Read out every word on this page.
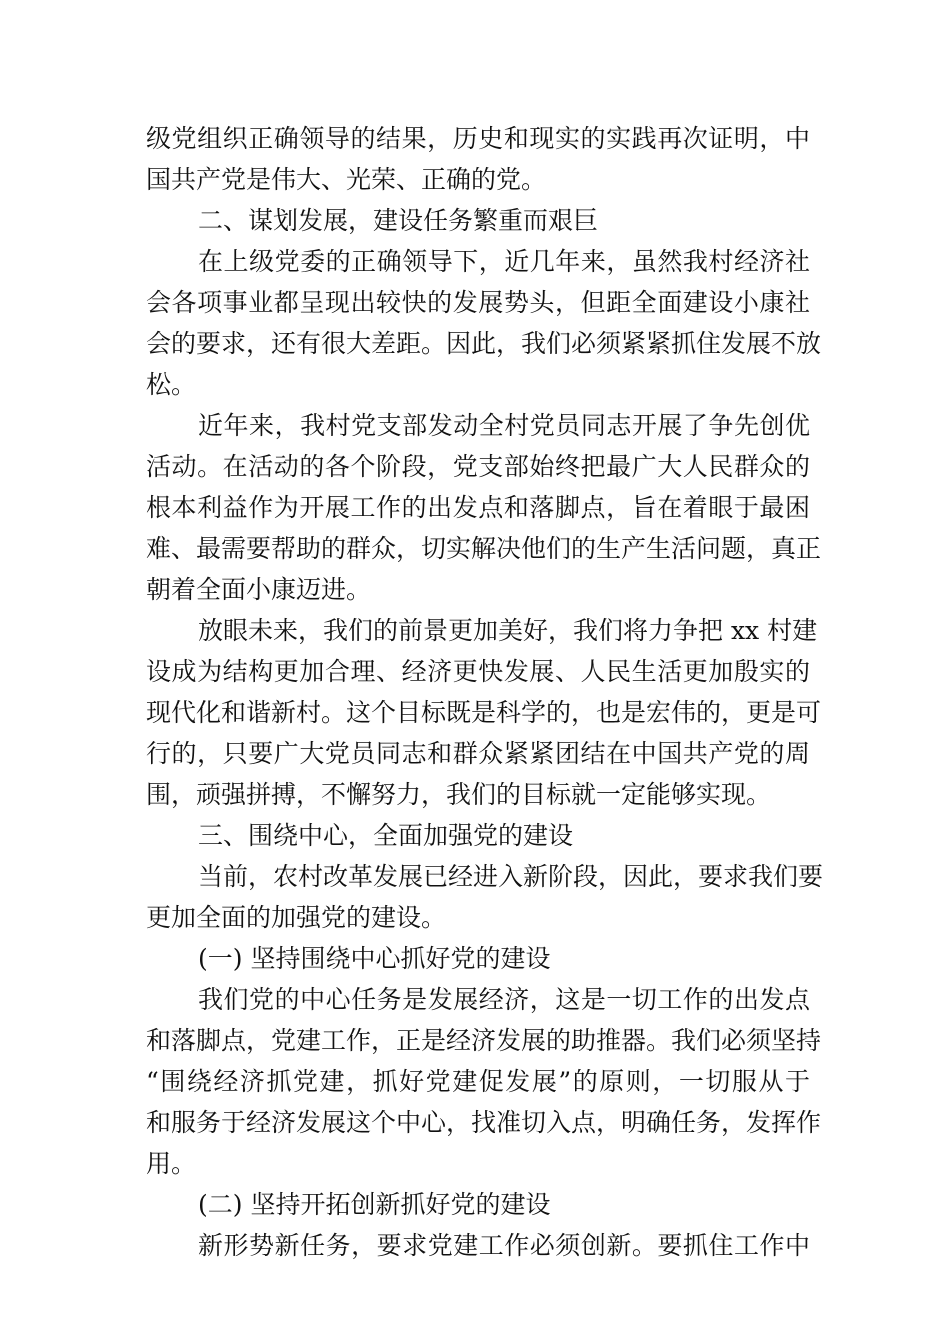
级党组织正确领导的结果，历史和现实的实践再次证明，中
国共产党是伟大、光荣、正确的党。
二、谋划发展，建设任务繁重而艰巨
在上级党委的正确领导下，近几年来，虽然我村经济社
会各项事业都呈现出较快的发展势头，但距全面建设小康社
会的要求，还有很大差距。因此，我们必须紧紧抓住发展不放
松。
近年来，我村党支部发动全村党员同志开展了争先创优
活动。在活动的各个阶段，党支部始终把最广大人民群众的
根本利益作为开展工作的出发点和落脚点，旨在着眼于最困
难、最需要帮助的群众，切实解决他们的生产生活问题，真正
朝着全面小康迈进。
放眼未来，我们的前景更加美好，我们将力争把 xx 村建
设成为结构更加合理、经济更快发展、人民生活更加殷实的
现代化和谐新村。这个目标既是科学的，也是宏伟的，更是可
行的，只要广大党员同志和群众紧紧团结在中国共产党的周
围，顽强拼搏，不懈努力，我们的目标就一定能够实现。
三、围绕中心，全面加强党的建设
当前，农村改革发展已经进入新阶段，因此，要求我们要
更加全面的加强党的建设。
(一) 坚持围绕中心抓好党的建设
我们党的中心任务是发展经济，这是一切工作的出发点
和落脚点，党建工作，正是经济发展的助推器。我们必须坚持
“围绕经济抓党建，抓好党建促发展”的原则，一切服从于
和服务于经济发展这个中心，找准切入点，明确任务，发挥作
用。
(二) 坚持开拓创新抓好党的建设
新形势新任务，要求党建工作必须创新。要抓住工作中
